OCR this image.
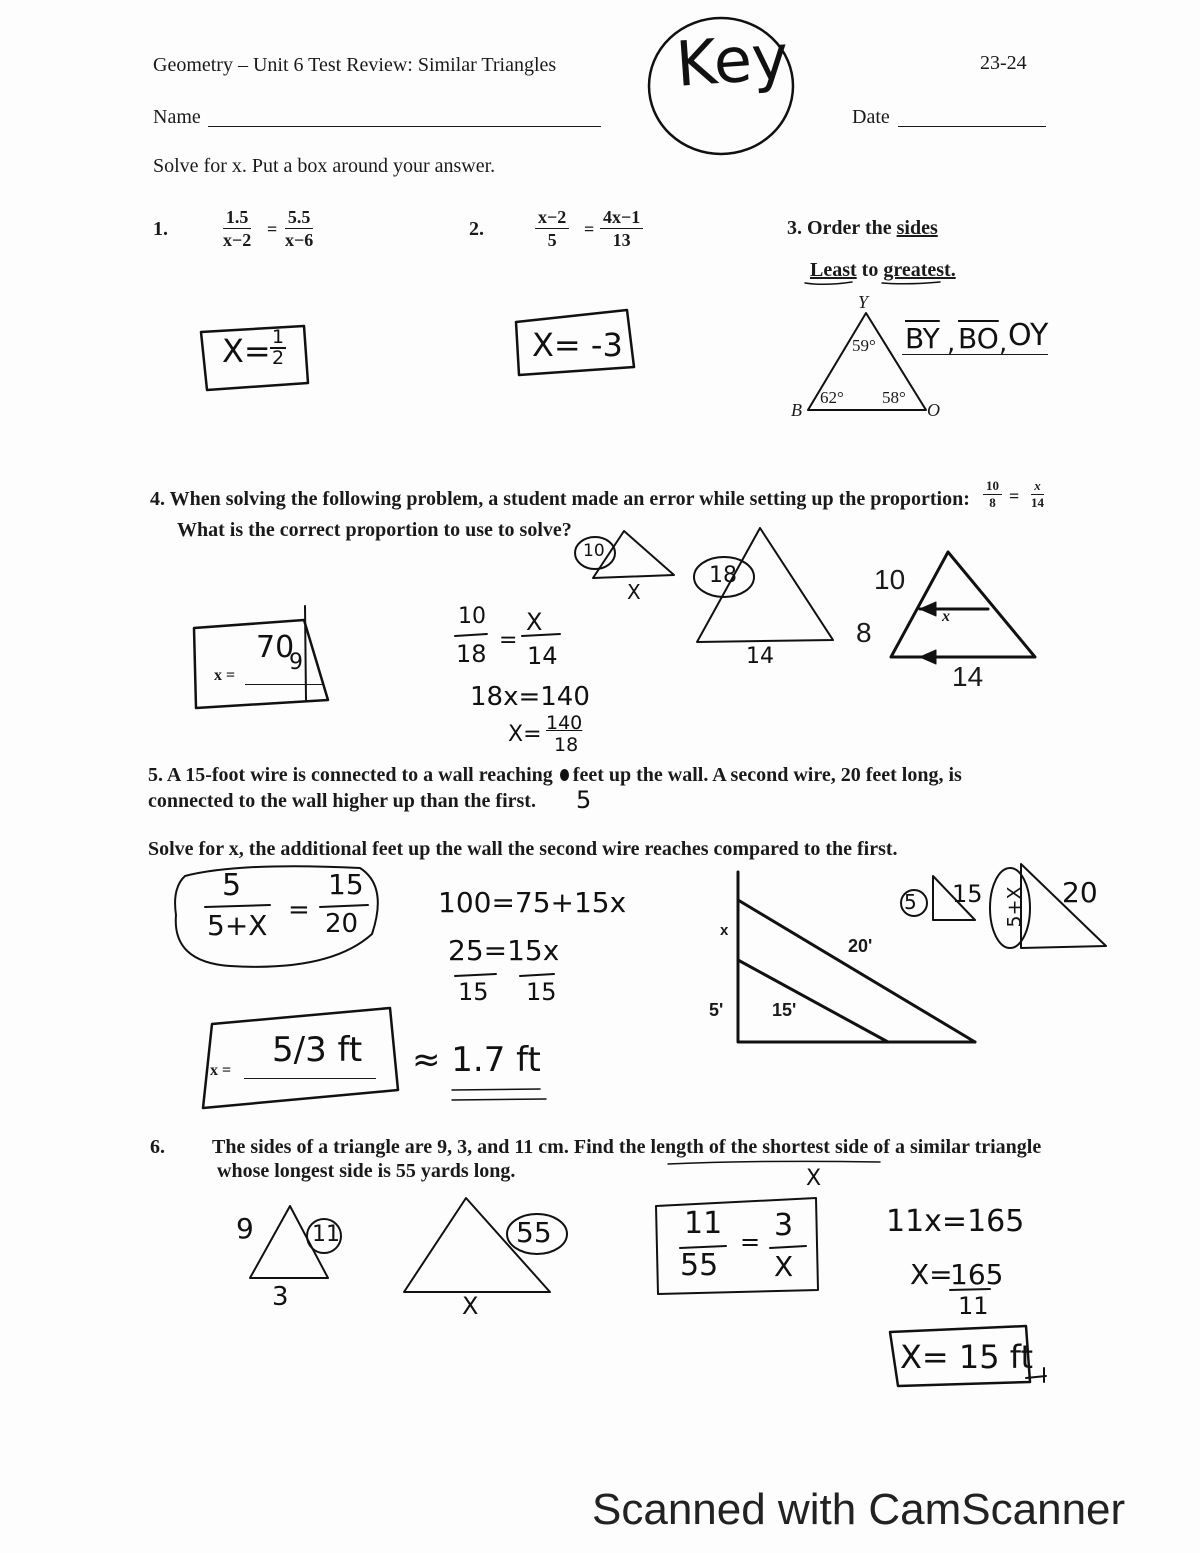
Geometry – Unit 6 Test Review: Similar Triangles	23-24
Name	Date
Key
Solve for x. Put a box around your answer.
1.	$\frac{1.5}{x-2} = \frac{5.5}{x-6}$
$X= \frac{1}{2}$
2.	$\frac{x-2}{5} = \frac{4x-1}{13}$
X= -3
3. Order the sides
Least to greatest.
Y
B	O
59°
62° 58°
$\overline{BY}$ , $\overline{BO}$ , OY
4. When solving the following problem, a student made an error while setting up the proportion: $\frac{10}{8} = \frac{x}{14}$
What is the correct proportion to use to solve?
x =
70
9
10
18 =
X
14
18x=140
X= 140
18
10
X
18
14
10
8
14
x
5. A 15-foot wire is connected to a wall reaching feet up the wall. A second wire, 20 feet long, is
connected to the wall higher up than the first. 5
Solve for x, the additional feet up the wall the second wire reaches compared to the first.
5
5+X =
15
20
100=75+15x
25=15x
15 15
x =
5/3 ft ≈ 1.7 ft
x
20'
5'	15'
5 15 5+X 20
6. The sides of a triangle are 9, 3, and 11 cm. Find the length of the shortest side of a similar triangle
whose longest side is 55 yards long.	X
9	11
3
55
X
11
55
= 3
X
11x=165
X=
165
11
X= 15 ft
Scanned with CamScanner
